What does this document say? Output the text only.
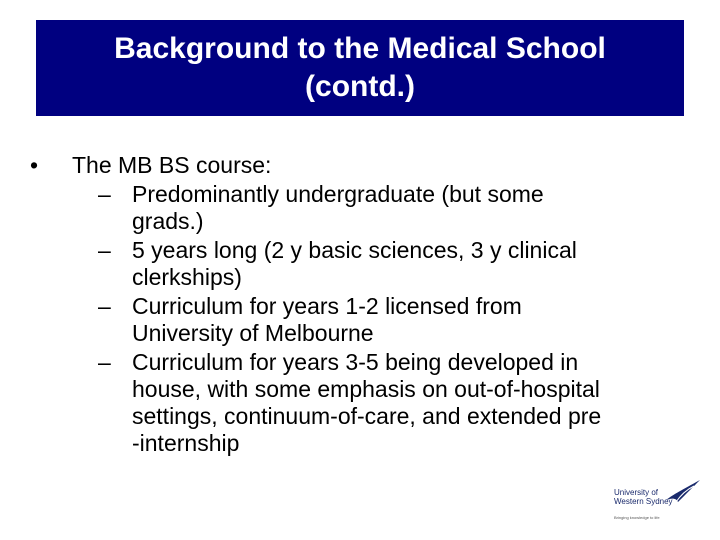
Background to the Medical School
(contd.)
• The MB BS course:
– Predominantly undergraduate (but some
grads.)
– 5 years long (2 y basic sciences, 3 y clinical
clerkships)
– Curriculum for years 1-2 licensed from
University of Melbourne
– Curriculum for years 3-5 being developed in
house, with some emphasis on out-of-hospital
settings, continuum-of-care, and extended pre
-internship
University of
Western Sydney
Bringing knowledge to life
